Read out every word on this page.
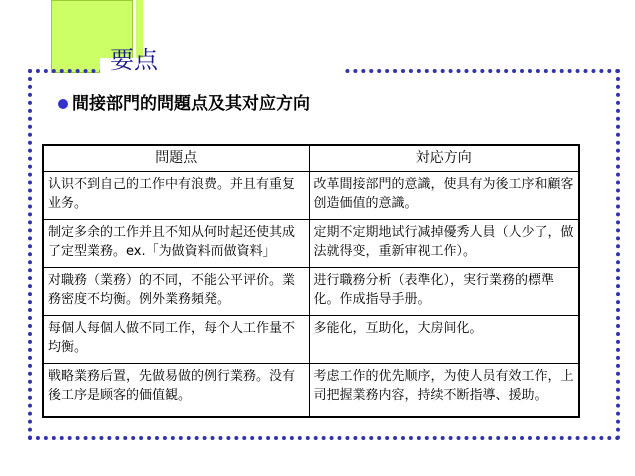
要点
間接部門的問題点及其对应方向
問題点	対応方向
认识不到自己的工作中有浪费。并且有重复业务。	改革間接部門的意識，使具有为後工序和顧客创造価值的意識。
制定多余的工作并且不知从何时起还使其成了定型業務。ex.「为做資料而做資料」	定期不定期地试行减掉優秀人員（人少了，做法就得变，重新审视工作）。
对職務（業務）的不同，不能公平评价。業務密度不均衡。例外業務頻発。	进行職務分析（表準化），実行業務的標準化。作成指导手册。
每個人每個人做不同工作，每个人工作量不均衡。	多能化，互助化，大房间化。
戦略業務后置，先做易做的例行業務。没有後工序是顾客的価值観。	考虑工作的优先顺序，为使人员有效工作，上司把握業務内容，持续不断指導、援助。
